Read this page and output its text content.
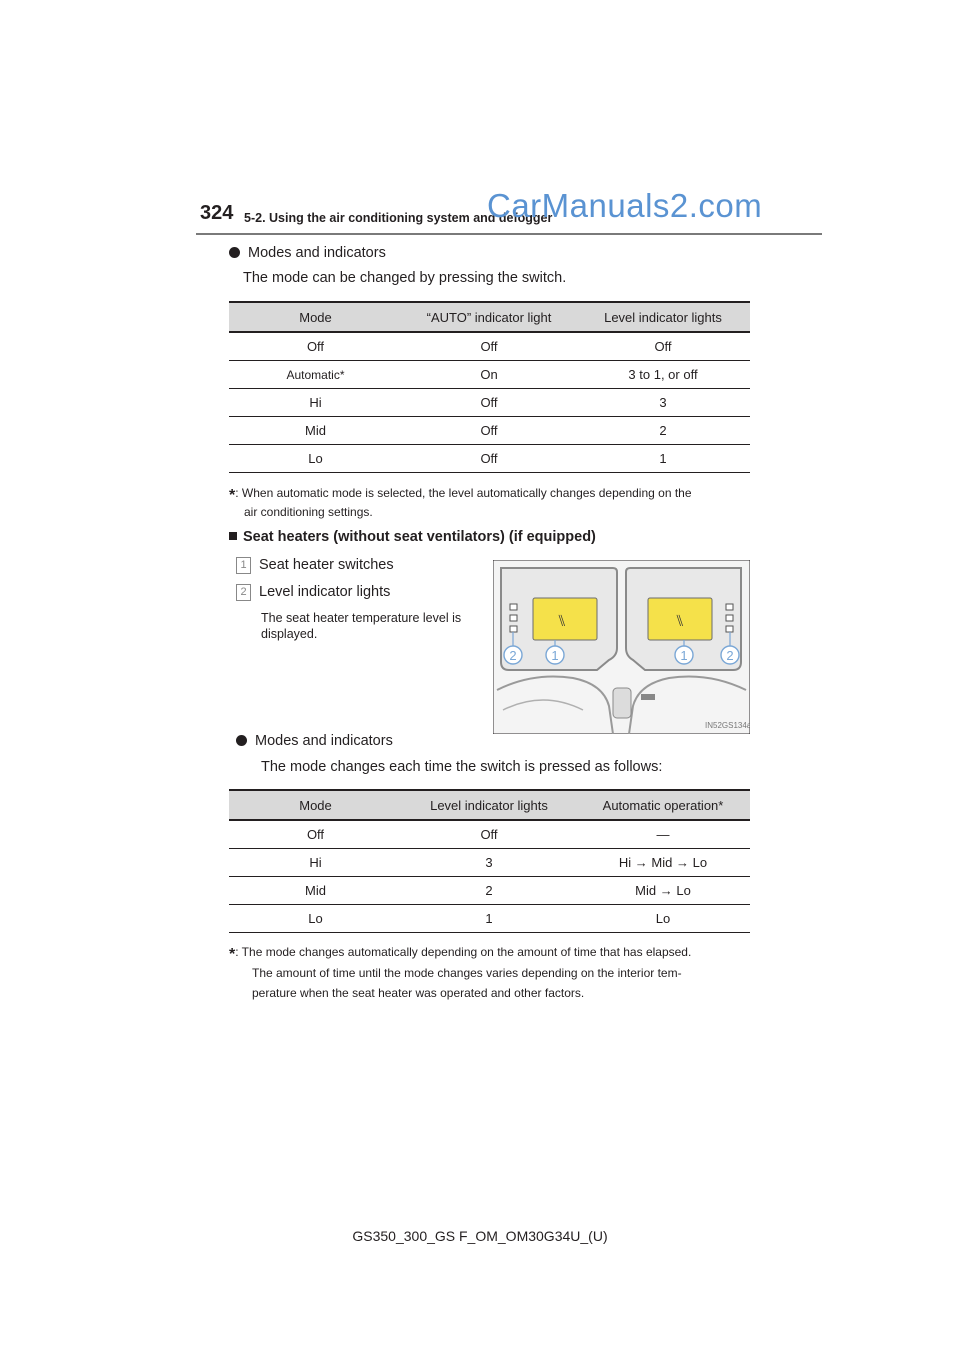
324 5-2. Using the air conditioning system and defogger
CarManuals2.com
Modes and indicators
The mode can be changed by pressing the switch.
Mode	“AUTO” indicator light	Level indicator lights
Off	Off	Off
Automatic*	On	3 to 1, or off
Hi	Off	3
Mid	Off	2
Lo	Off	1
*: When automatic mode is selected, the level automatically changes depending on the
air conditioning settings.
Seat heaters (without seat ventilators) (if equipped)
1 Seat heater switches
2 Level indicator lights
The seat heater temperature level is
displayed.
⑊	⑊
2	1	1	2
IN52GS134a
Modes and indicators
The mode changes each time the switch is pressed as follows:
Mode	Level indicator lights	Automatic operation*
Off	Off	—
Hi	3	Hi → Mid → Lo
Mid	2	Mid → Lo
Lo	1	Lo
*: The mode changes automatically depending on the amount of time that has elapsed.
The amount of time until the mode changes varies depending on the interior tem-
perature when the seat heater was operated and other factors.
GS350_300_GS F_OM_OM30G34U_(U)
